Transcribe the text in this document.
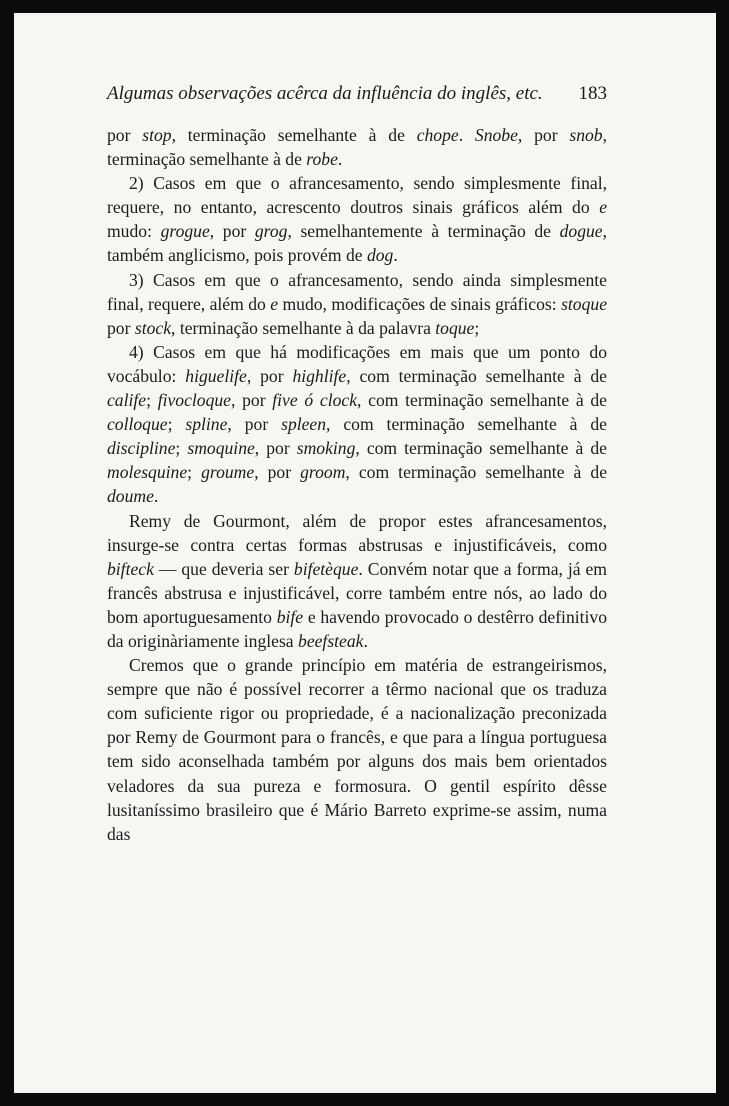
Algumas observações acêrca da influência do inglês, etc. 183

por stop, terminação semelhante à de chope. Snobe, por snob, terminação semelhante à de robe.

2) Casos em que o afrancesamento, sendo simplesmente final, requere, no entanto, acrescento doutros sinais gráficos além do e mudo: grogue, por grog, semelhantemente à terminação de dogue, também anglicismo, pois provém de dog.

3) Casos em que o afrancesamento, sendo ainda simplesmente final, requere, além do e mudo, modificações de sinais gráficos: stoque por stock, terminação semelhante à da palavra toque;

4) Casos em que há modificações em mais que um ponto do vocábulo: higuelife, por highlife, com terminação semelhante à de calife; fivocloque, por five ó clock, com terminação semelhante à de colloque; spline, por spleen, com terminação semelhante à de discipline; smoquine, por smoking, com terminação semelhante à de molesquine; groume, por groom, com terminação semelhante à de doume.

Remy de Gourmont, além de propor estes afrancesamentos, insurge-se contra certas formas abstrusas e injustificáveis, como bifteck — que deveria ser bifetèque. Convém notar que a forma, já em francês abstrusa e injustificável, corre também entre nós, ao lado do bom aportuguesamento bife e havendo provocado o destêrro definitivo da originàriamente inglesa beefsteak.

Cremos que o grande princípio em matéria de estrangeirismos, sempre que não é possível recorrer a têrmo nacional que os traduza com suficiente rigor ou propriedade, é a nacionalização preconizada por Remy de Gourmont para o francês, e que para a língua portuguesa tem sido aconselhada também por alguns dos mais bem orientados veladores da sua pureza e formosura. O gentil espírito dêsse lusitaníssimo brasileiro que é Mário Barreto exprime-se assim, numa das
